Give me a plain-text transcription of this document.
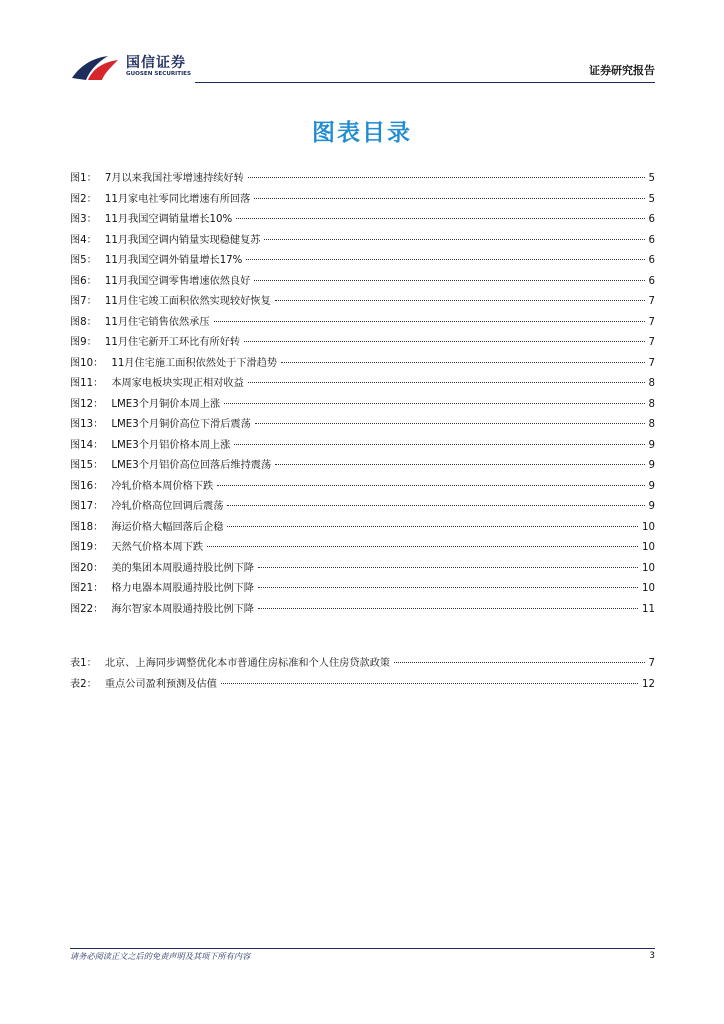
国信证券
GUOSEN SECURITIES	证券研究报告
图表目录
图1： 7月以来我国社零增速持续好转	5
图2： 11月家电社零同比增速有所回落	5
图3： 11月我国空调销量增长10%	6
图4： 11月我国空调内销量实现稳健复苏	6
图5： 11月我国空调外销量增长17%	6
图6： 11月我国空调零售增速依然良好	6
图7： 11月住宅竣工面积依然实现较好恢复	7
图8： 11月住宅销售依然承压	7
图9： 11月住宅新开工环比有所好转	7
图10： 11月住宅施工面积依然处于下滑趋势	7
图11： 本周家电板块实现正相对收益	8
图12： LME3个月铜价本周上涨	8
图13： LME3个月铜价高位下滑后震荡	8
图14： LME3个月铝价格本周上涨	9
图15： LME3个月铝价高位回落后维持震荡	9
图16： 冷轧价格本周价格下跌	9
图17： 冷轧价格高位回调后震荡	9
图18： 海运价格大幅回落后企稳	10
图19： 天然气价格本周下跌	10
图20： 美的集团本周股通持股比例下降	10
图21： 格力电器本周股通持股比例下降	10
图22： 海尔智家本周股通持股比例下降	11
表1： 北京、上海同步调整优化本市普通住房标准和个人住房贷款政策	7
表2： 重点公司盈利预测及估值	12
请务必阅读正文之后的免责声明及其项下所有内容	3
